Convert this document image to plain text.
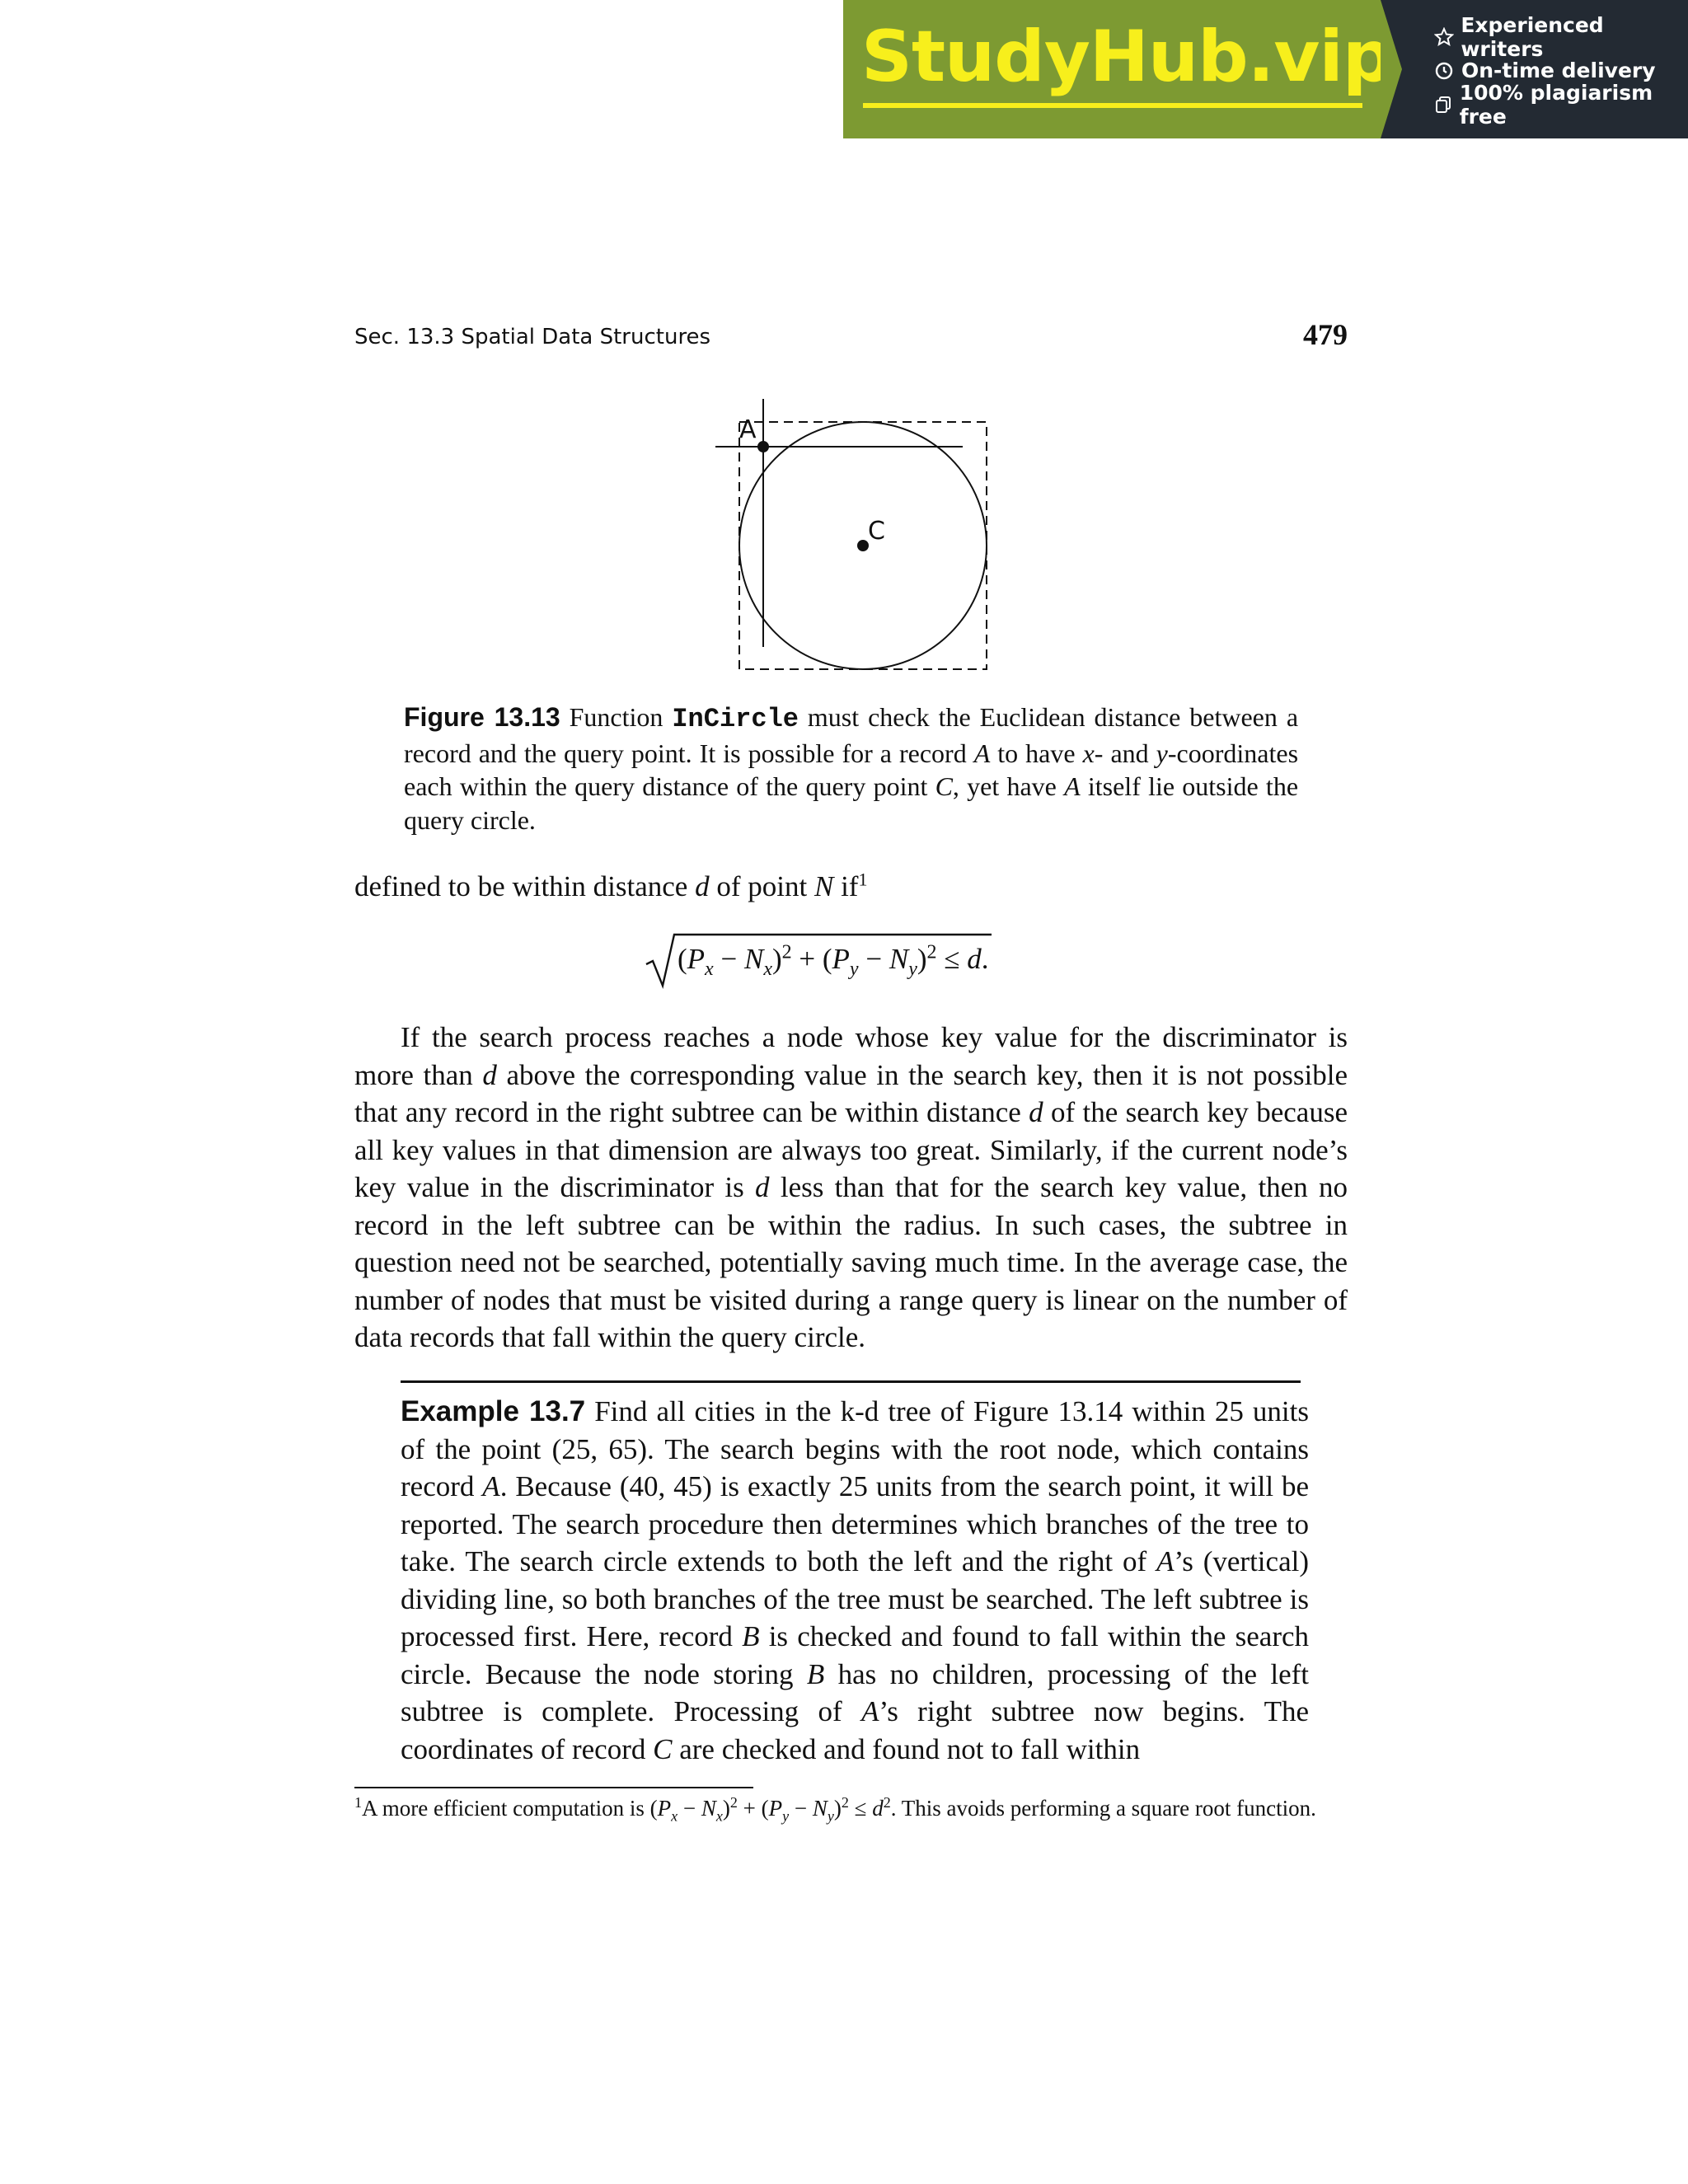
StudyHub.vip	Experienced writers
On-time delivery
100% plagiarism free
Sec. 13.3 Spatial Data Structures	479
A
C
Figure 13.13 Function InCircle must check the Euclidean distance between a record and the query point. It is possible for a record A to have x- and y-coordinates each within the query distance of the query point C, yet have A itself lie outside the query circle.
defined to be within distance d of point N $if^1$
$(P_x - N_x)^2 + (P_y - N_y)^2 \le d$.
If the search process reaches a node whose key value for the discriminator is more than d above the corresponding value in the search key, then it is not possible that any record in the right subtree can be within distance d of the search key because all key values in that dimension are always too great. Similarly, if the current node’s key value in the discriminator is d less than that for the search key value, then no record in the left subtree can be within the radius. In such cases, the subtree in question need not be searched, potentially saving much time. In the average case, the number of nodes that must be visited during a range query is linear on the number of data records that fall within the query circle.
Example 13.7 Find all cities in the k-d tree of Figure 13.14 within 25 units of the point (25, 65). The search begins with the root node, which contains record A. Because (40, 45) is exactly 25 units from the search point, it will be reported. The search procedure then determines which branches of the tree to take. The search circle extends to both the left and the right of A’s (vertical) dividing line, so both branches of the tree must be searched. The left subtree is processed first. Here, record B is checked and found to fall within the search circle. Because the node storing B has no children, processing of the left subtree is complete. Processing of A’s right subtree now begins. The coordinates of record C are checked and found not to fall within
$^1$A more efficient computation is $(P_x - N_x)^2 + (P_y - N_y)^2 \le d^2$. This avoids performing a square root function.
